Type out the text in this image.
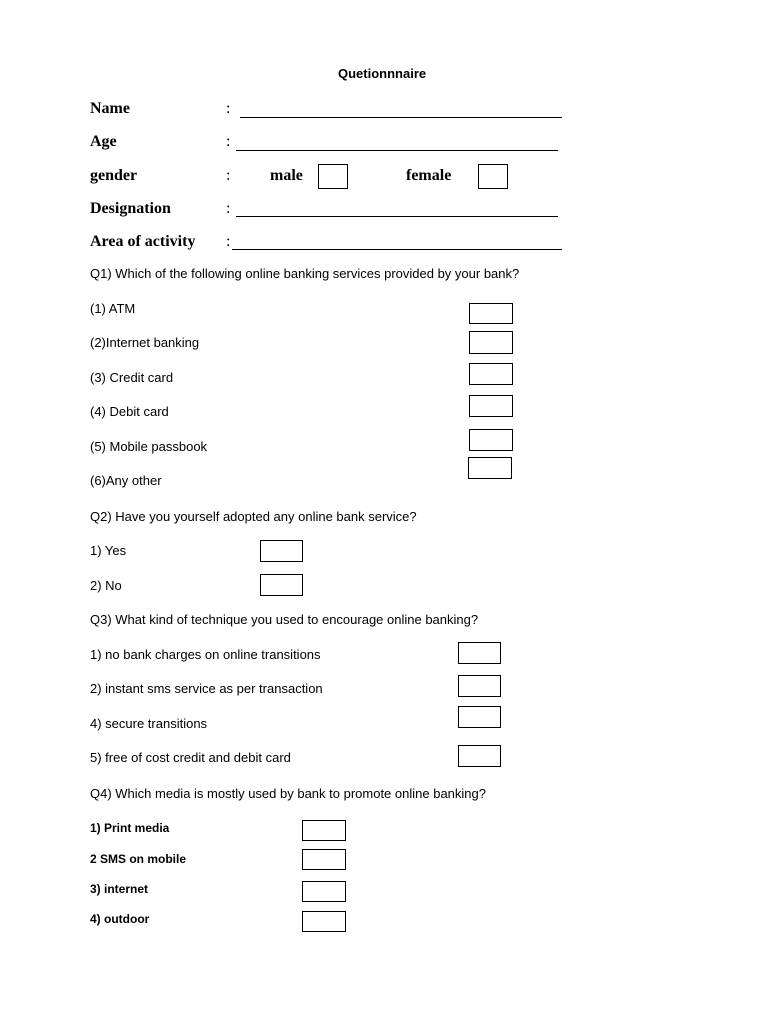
Quetionnnaire
Name	:
Age	:
gender	: male	female
Designation	:
Area of activity :
Q1) Which of the following online banking services provided by your bank?
(1) ATM
(2)Internet banking
(3) Credit card
(4) Debit card
(5) Mobile passbook
(6)Any other
Q2) Have you yourself adopted any online bank service?
1) Yes
2) No
Q3) What kind of technique you used to encourage online banking?
1) no bank charges on online transitions
2) instant sms service as per transaction
4) secure transitions
5) free of cost credit and debit card
Q4) Which media is mostly used by bank to promote online banking?
1) Print media
2 SMS on mobile
3) internet
4) outdoor
